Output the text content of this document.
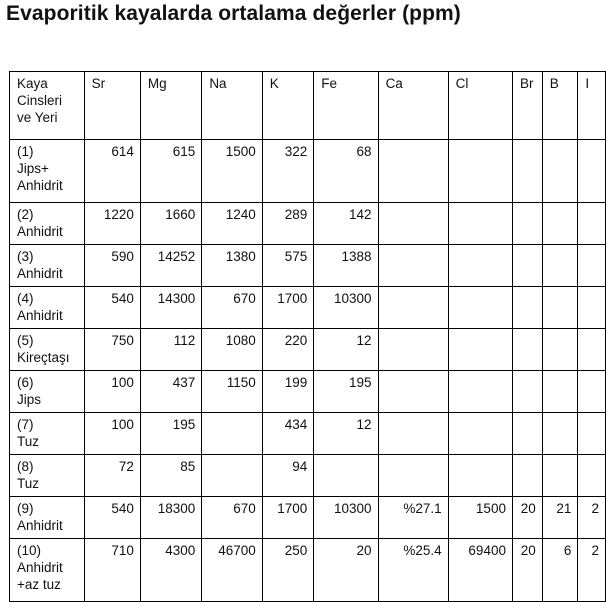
Evaporitik kayalarda ortalama değerler (ppm)
Kaya
Cinsleri
ve Yeri	Sr	Mg	Na	K	Fe	Ca	Cl	Br	B	I
(1)
Jips+
Anhidrit	614	615	1500	322	68					
(2)
Anhidrit	1220	1660	1240	289	142					
(3)
Anhidrit	590	14252	1380	575	1388					
(4)
Anhidrit	540	14300	670	1700	10300					
(5)
Kireçtaşı	750	112	1080	220	12					
(6)
Jips	100	437	1150	199	195					
(7)
Tuz	100	195		434	12					
(8)
Tuz	72	85		94						
(9)
Anhidrit	540	18300	670	1700	10300	%27.1	1500	20	21	2
(10)
Anhidrit
+az tuz	710	4300	46700	250	20	%25.4	69400	20	6	2
